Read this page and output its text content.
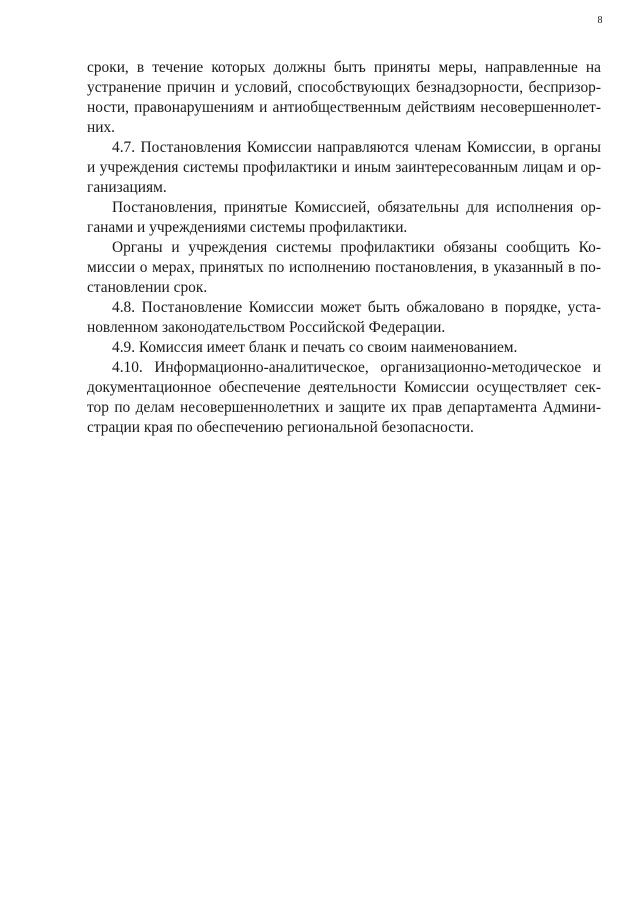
8

сроки, в течение которых должны быть приняты меры, направленные на
устранение причин и условий, способствующих безнадзорности, беспризор-
ности, правонарушениям и антиобщественным действиям несовершеннолет-
них.

4.7. Постановления Комиссии направляются членам Комиссии, в органы
и учреждения системы профилактики и иным заинтересованным лицам и ор-
ганизациям.

Постановления, принятые Комиссией, обязательны для исполнения ор-
ганами и учреждениями системы профилактики.

Органы и учреждения системы профилактики обязаны сообщить Ко-
миссии о мерах, принятых по исполнению постановления, в указанный в по-
становлении срок.

4.8. Постановление Комиссии может быть обжаловано в порядке, уста-
новленном законодательством Российской Федерации.

4.9. Комиссия имеет бланк и печать со своим наименованием.

4.10. Информационно-аналитическое, организационно-методическое и
документационное обеспечение деятельности Комиссии осуществляет сек-
тор по делам несовершеннолетних и защите их прав департамента Админи-
страции края по обеспечению региональной безопасности.
